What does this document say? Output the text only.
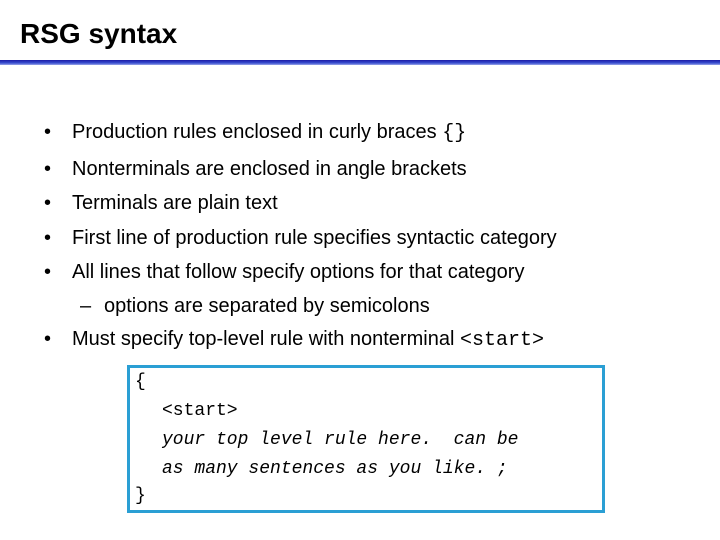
RSG syntax
•	Production rules enclosed in curly braces {}
•	Nonterminals are enclosed in angle brackets
•	Terminals are plain text
•	First line of production rule specifies syntactic category
•	All lines that follow specify options for that category
– options are separated by semicolons
•	Must specify top-level rule with nonterminal <start>
{
<start>
your top level rule here.  can be
as many sentences as you like. ;
}
